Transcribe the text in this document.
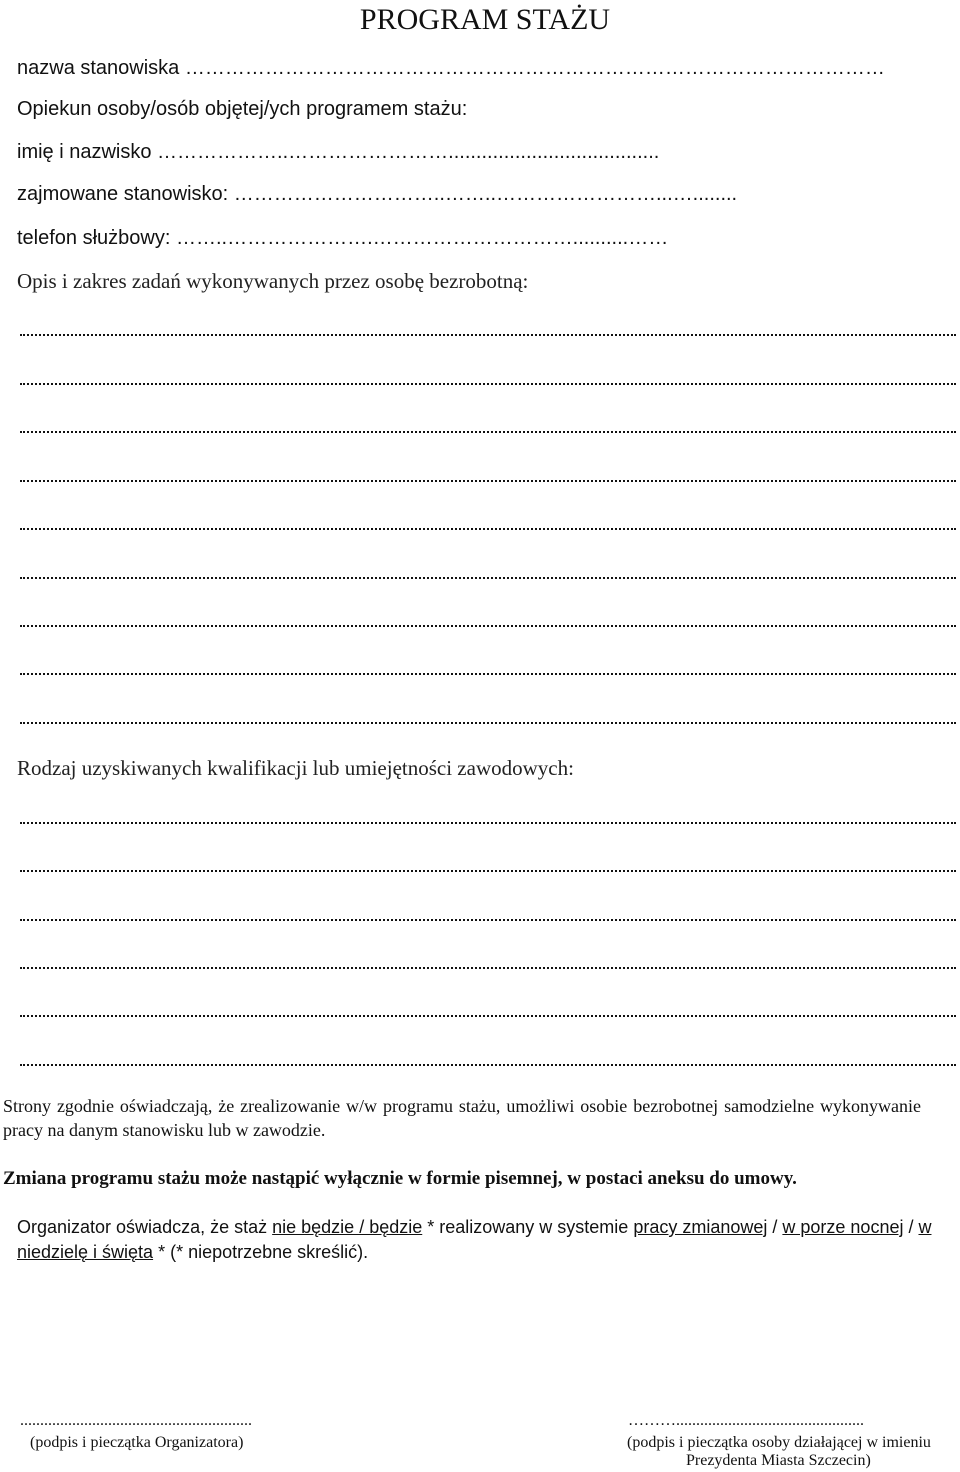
PROGRAM STAŻU
nazwa stanowiska ……………………………………………………………………………………………
Opiekun osoby/osób objętej/ych programem stażu:
imię i nazwisko ………………..……………………......................................
zajmowane stanowisko: …………………………..……..……………………...…........
telefon służbowy: ……..………………….…………………………..........……
Opis i zakres zadań wykonywanych przez osobę bezrobotną:
Rodzaj uzyskiwanych kwalifikacji lub umiejętności zawodowych:
Strony zgodnie oświadczają, że zrealizowanie w/w programu stażu, umożliwi osobie bezrobotnej samodzielne wykonywanie pracy na danym stanowisku lub w zawodzie.
Zmiana programu stażu może nastąpić wyłącznie w formie pisemnej, w postaci aneksu do umowy.
Organizator oświadcza, że staż nie będzie / będzie * realizowany w systemie pracy zmianowej / w porze nocnej / w niedzielę i święta * (* niepotrzebne skreślić).
..........................................................
(podpis i pieczątka Organizatora)
………...............................................
(podpis i pieczątka osoby działającej w imieniu
Prezydenta Miasta Szczecin)
